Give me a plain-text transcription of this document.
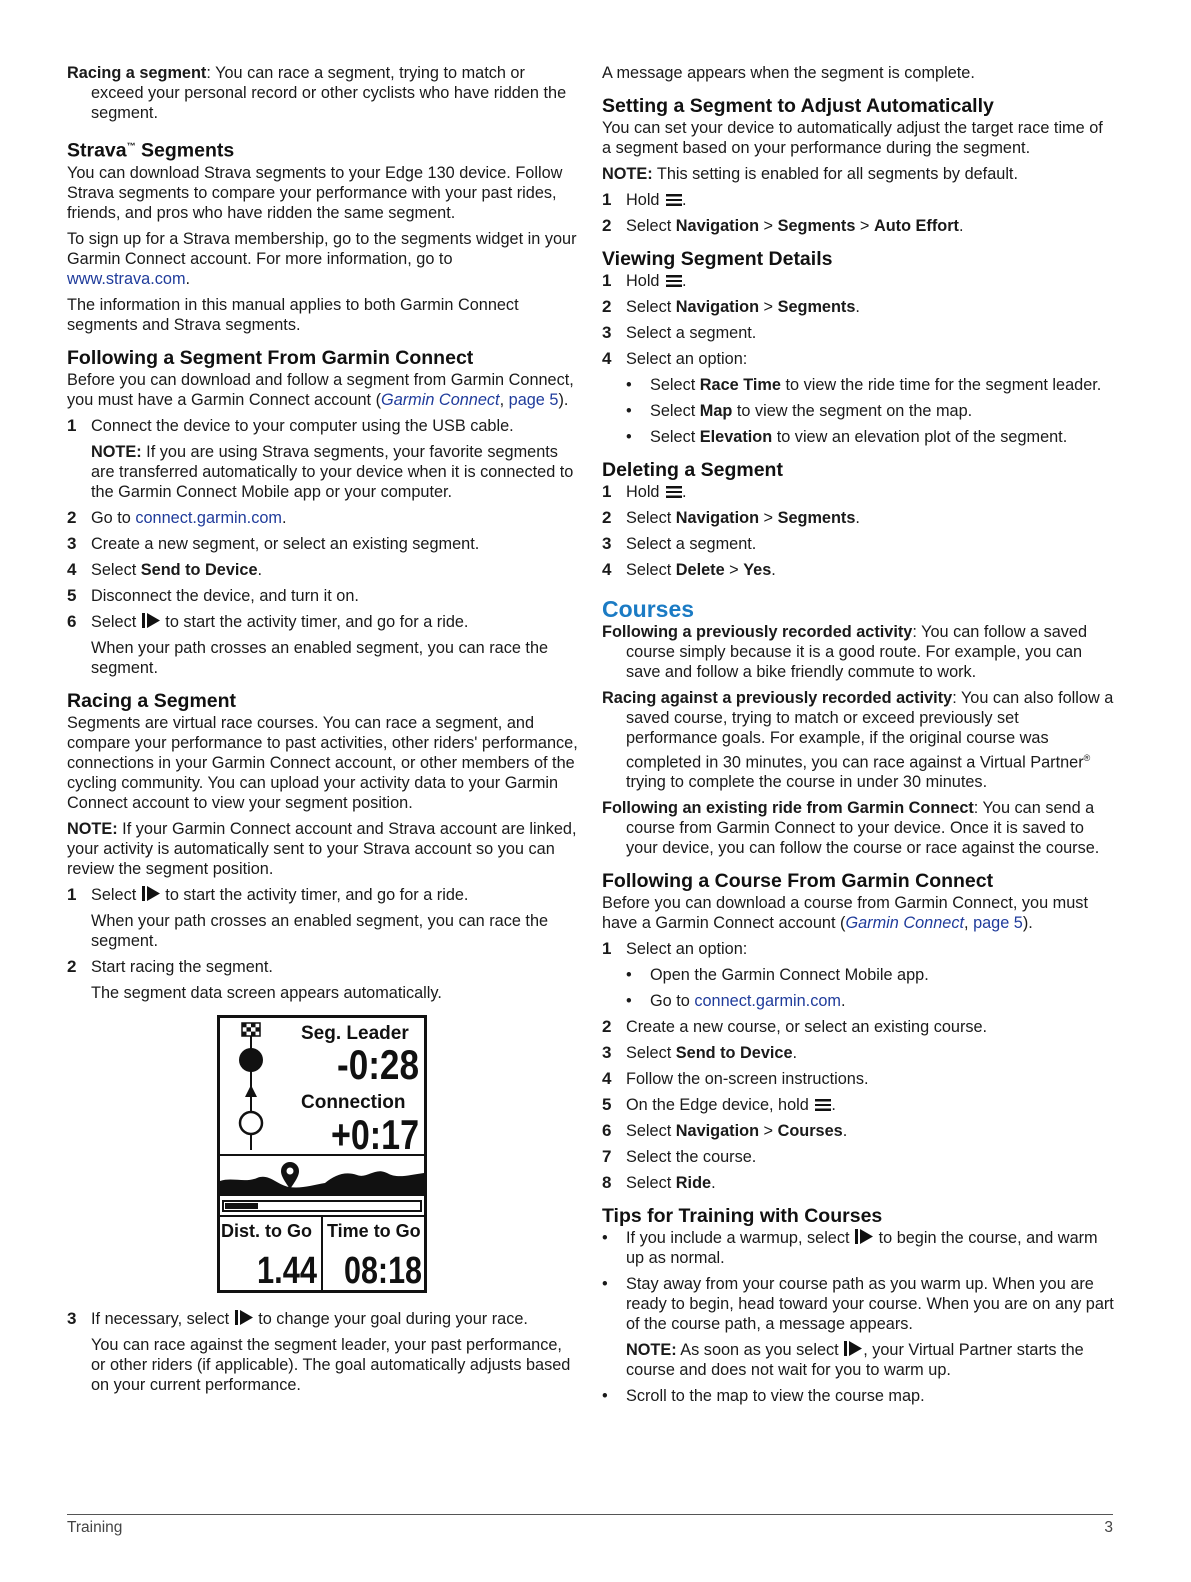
Racing a segment: You can race a segment, trying to match or exceed your personal record or other cyclists who have ridden the segment.

Strava™ Segments

You can download Strava segments to your Edge 130 device. Follow Strava segments to compare your performance with your past rides, friends, and pros who have ridden the same segment.

To sign up for a Strava membership, go to the segments widget in your Garmin Connect account. For more information, go to www.strava.com.

The information in this manual applies to both Garmin Connect segments and Strava segments.

Following a Segment From Garmin Connect

Before you can download and follow a segment from Garmin Connect, you must have a Garmin Connect account (Garmin Connect, page 5).

1 Connect the device to your computer using the USB cable.

NOTE: If you are using Strava segments, your favorite segments are transferred automatically to your device when it is connected to the Garmin Connect Mobile app or your computer.

2 Go to connect.garmin.com.
3 Create a new segment, or select an existing segment.
4 Select Send to Device.
5 Disconnect the device, and turn it on.
6 Select  to start the activity timer, and go for a ride.

When your path crosses an enabled segment, you can race the segment.

Racing a Segment

Segments are virtual race courses. You can race a segment, and compare your performance to past activities, other riders' performance, connections in your Garmin Connect account, or other members of the cycling community. You can upload your activity data to your Garmin Connect account to view your segment position.

NOTE: If your Garmin Connect account and Strava account are linked, your activity is automatically sent to your Strava account so you can review the segment position.

1 Select  to start the activity timer, and go for a ride.

When your path crosses an enabled segment, you can race the segment.

2 Start racing the segment.

The segment data screen appears automatically.

Seg. Leader
-0:28
Connection
+0:17
Dist. to Go Time to Go
1.44 08:18
3 If necessary, select  to change your goal during your race.

You can race against the segment leader, your past performance, or other riders (if applicable). The goal automatically adjusts based on your current performance.

A message appears when the segment is complete.

Setting a Segment to Adjust Automatically

You can set your device to automatically adjust the target race time of a segment based on your performance during the segment.

NOTE: This setting is enabled for all segments by default.

1 Hold .
2 Select Navigation > Segments > Auto Effort.
Viewing Segment Details
1 Hold .
2 Select Navigation > Segments.
3 Select a segment.
4 Select an option:
•	Select Race Time to view the ride time for the segment leader.
•	Select Map to view the segment on the map.
•	Select Elevation to view an elevation plot of the segment.
Deleting a Segment
1 Hold .
2 Select Navigation > Segments.
3 Select a segment.
4 Select Delete > Yes.
Courses

Following a previously recorded activity: You can follow a saved course simply because it is a good route. For example, you can save and follow a bike friendly commute to work.

Racing against a previously recorded activity: You can also follow a saved course, trying to match or exceed previously set performance goals. For example, if the original course was completed in 30 minutes, you can race against a Virtual Partner® trying to complete the course in under 30 minutes.

Following an existing ride from Garmin Connect: You can send a course from Garmin Connect to your device. Once it is saved to your device, you can follow the course or race against the course.

Following a Course From Garmin Connect

Before you can download a course from Garmin Connect, you must have a Garmin Connect account (Garmin Connect, page 5).

1 Select an option:
•	Open the Garmin Connect Mobile app.
•	Go to connect.garmin.com.
2 Create a new course, or select an existing course.
3 Select Send to Device.
4 Follow the on-screen instructions.
5 On the Edge device, hold .
6 Select Navigation > Courses.
7 Select the course.
8 Select Ride.
Tips for Training with Courses
•	If you include a warmup, select  to begin the course, and warm up as normal.
•	Stay away from your course path as you warm up. When you are ready to begin, head toward your course. When you are on any part of the course path, a message appears.

NOTE: As soon as you select , your Virtual Partner starts the course and does not wait for you to warm up.

•	Scroll to the map to view the course map.
Training	3
